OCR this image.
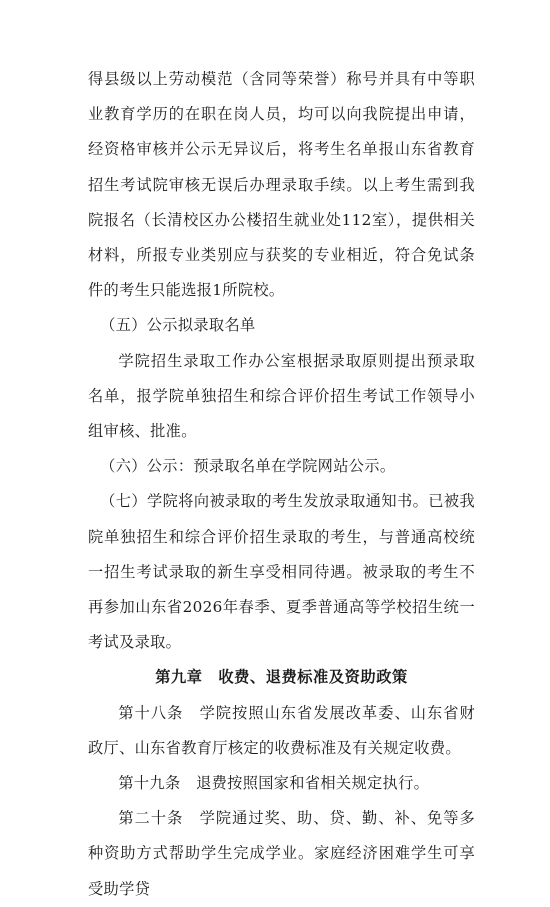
得县级以上劳动模范（含同等荣誉）称号并具有中等职业教育学历的在职在岗人员，均可以向我院提出申请，经资格审核并公示无异议后，将考生名单报山东省教育招生考试院审核无误后办理录取手续。以上考生需到我院报名（长清校区办公楼招生就业处112室），提供相关材料，所报专业类别应与获奖的专业相近，符合免试条件的考生只能选报1所院校。

（五）公示拟录取名单

学院招生录取工作办公室根据录取原则提出预录取名单，报学院单独招生和综合评价招生考试工作领导小组审核、批准。

（六）公示：预录取名单在学院网站公示。

（七）学院将向被录取的考生发放录取通知书。已被我院单独招生和综合评价招生录取的考生，与普通高校统一招生考试录取的新生享受相同待遇。被录取的考生不再参加山东省2026年春季、夏季普通高等学校招生统一考试及录取。

第九章　收费、退费标准及资助政策

第十八条　学院按照山东省发展改革委、山东省财政厅、山东省教育厅核定的收费标准及有关规定收费。

第十九条　退费按照国家和省相关规定执行。

第二十条　学院通过奖、助、贷、勤、补、免等多种资助方式帮助学生完成学业。家庭经济困难学生可享受助学贷
